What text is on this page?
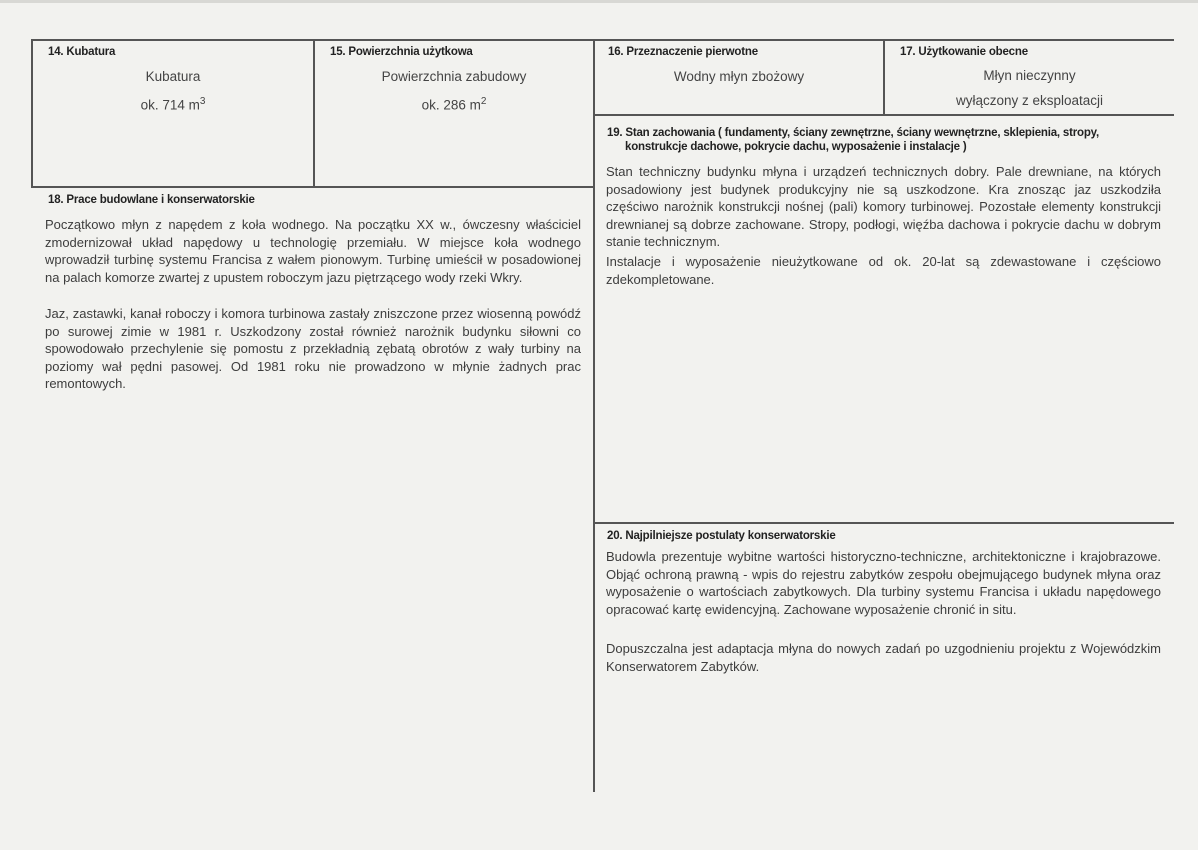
14. Kubatura
Kubatura
ok. 714 $m^3$
15. Powierzchnia użytkowa
Powierzchnia zabudowy
ok. 286 $m^2$
16. Przeznaczenie pierwotne
Wodny młyn zbożowy
17. Użytkowanie obecne
Młyn nieczynny
wyłączony z eksploatacji
18. Prace budowlane i konserwatorskie

Początkowo młyn z napędem z koła wodnego. Na początku XX w., ówczesny właściciel zmodernizował układ napędowy u technologię przemiału. W miejsce koła wodnego wprowadził turbinę systemu Francisa z wałem pionowym. Turbinę umieścił w posadowionej na palach komorze zwartej z upustem roboczym jazu piętrzącego wody rzeki Wkry.

Jaz, zastawki, kanał roboczy i komora turbinowa zastały zniszczone przez wiosenną powódź po surowej zimie w 1981 r. Uszkodzony został również narożnik budynku siłowni co spowodowało przechylenie się pomostu z przekładnią zębatą obrotów z wały turbiny na poziomy wał pędni pasowej. Od 1981 roku nie prowadzono w młynie żadnych prac remontowych.

19. Stan zachowania ( fundamenty, ściany zewnętrzne, ściany wewnętrzne, sklepienia, stropy,
konstrukcje dachowe, pokrycie dachu, wyposażenie i instalacje )

Stan techniczny budynku młyna i urządzeń technicznych dobry. Pale drewniane, na których posadowiony jest budynek produkcyjny nie są uszkodzone. Kra znosząc jaz uszkodziła częściwo narożnik konstrukcji nośnej (pali) komory turbinowej. Pozostałe elementy konstrukcji drewnianej są dobrze zachowane. Stropy, podłogi, więźba dachowa i pokrycie dachu w dobrym stanie technicznym.

Instalacje i wyposażenie nieużytkowane od ok. 20-lat są zdewastowane i częściowo zdekompletowane.

20. Najpilniejsze postulaty konserwatorskie

Budowla prezentuje wybitne wartości historyczno-techniczne, architektoniczne i krajobrazowe. Objąć ochroną prawną - wpis do rejestru zabytków zespołu obejmującego budynek młyna oraz wyposażenie o wartościach zabytkowych. Dla turbiny systemu Francisa i układu napędowego opracować kartę ewidencyjną. Zachowane wyposażenie chronić in situ.

Dopuszczalna jest adaptacja młyna do nowych zadań po uzgodnieniu projektu z Wojewódzkim Konserwatorem Zabytków.
